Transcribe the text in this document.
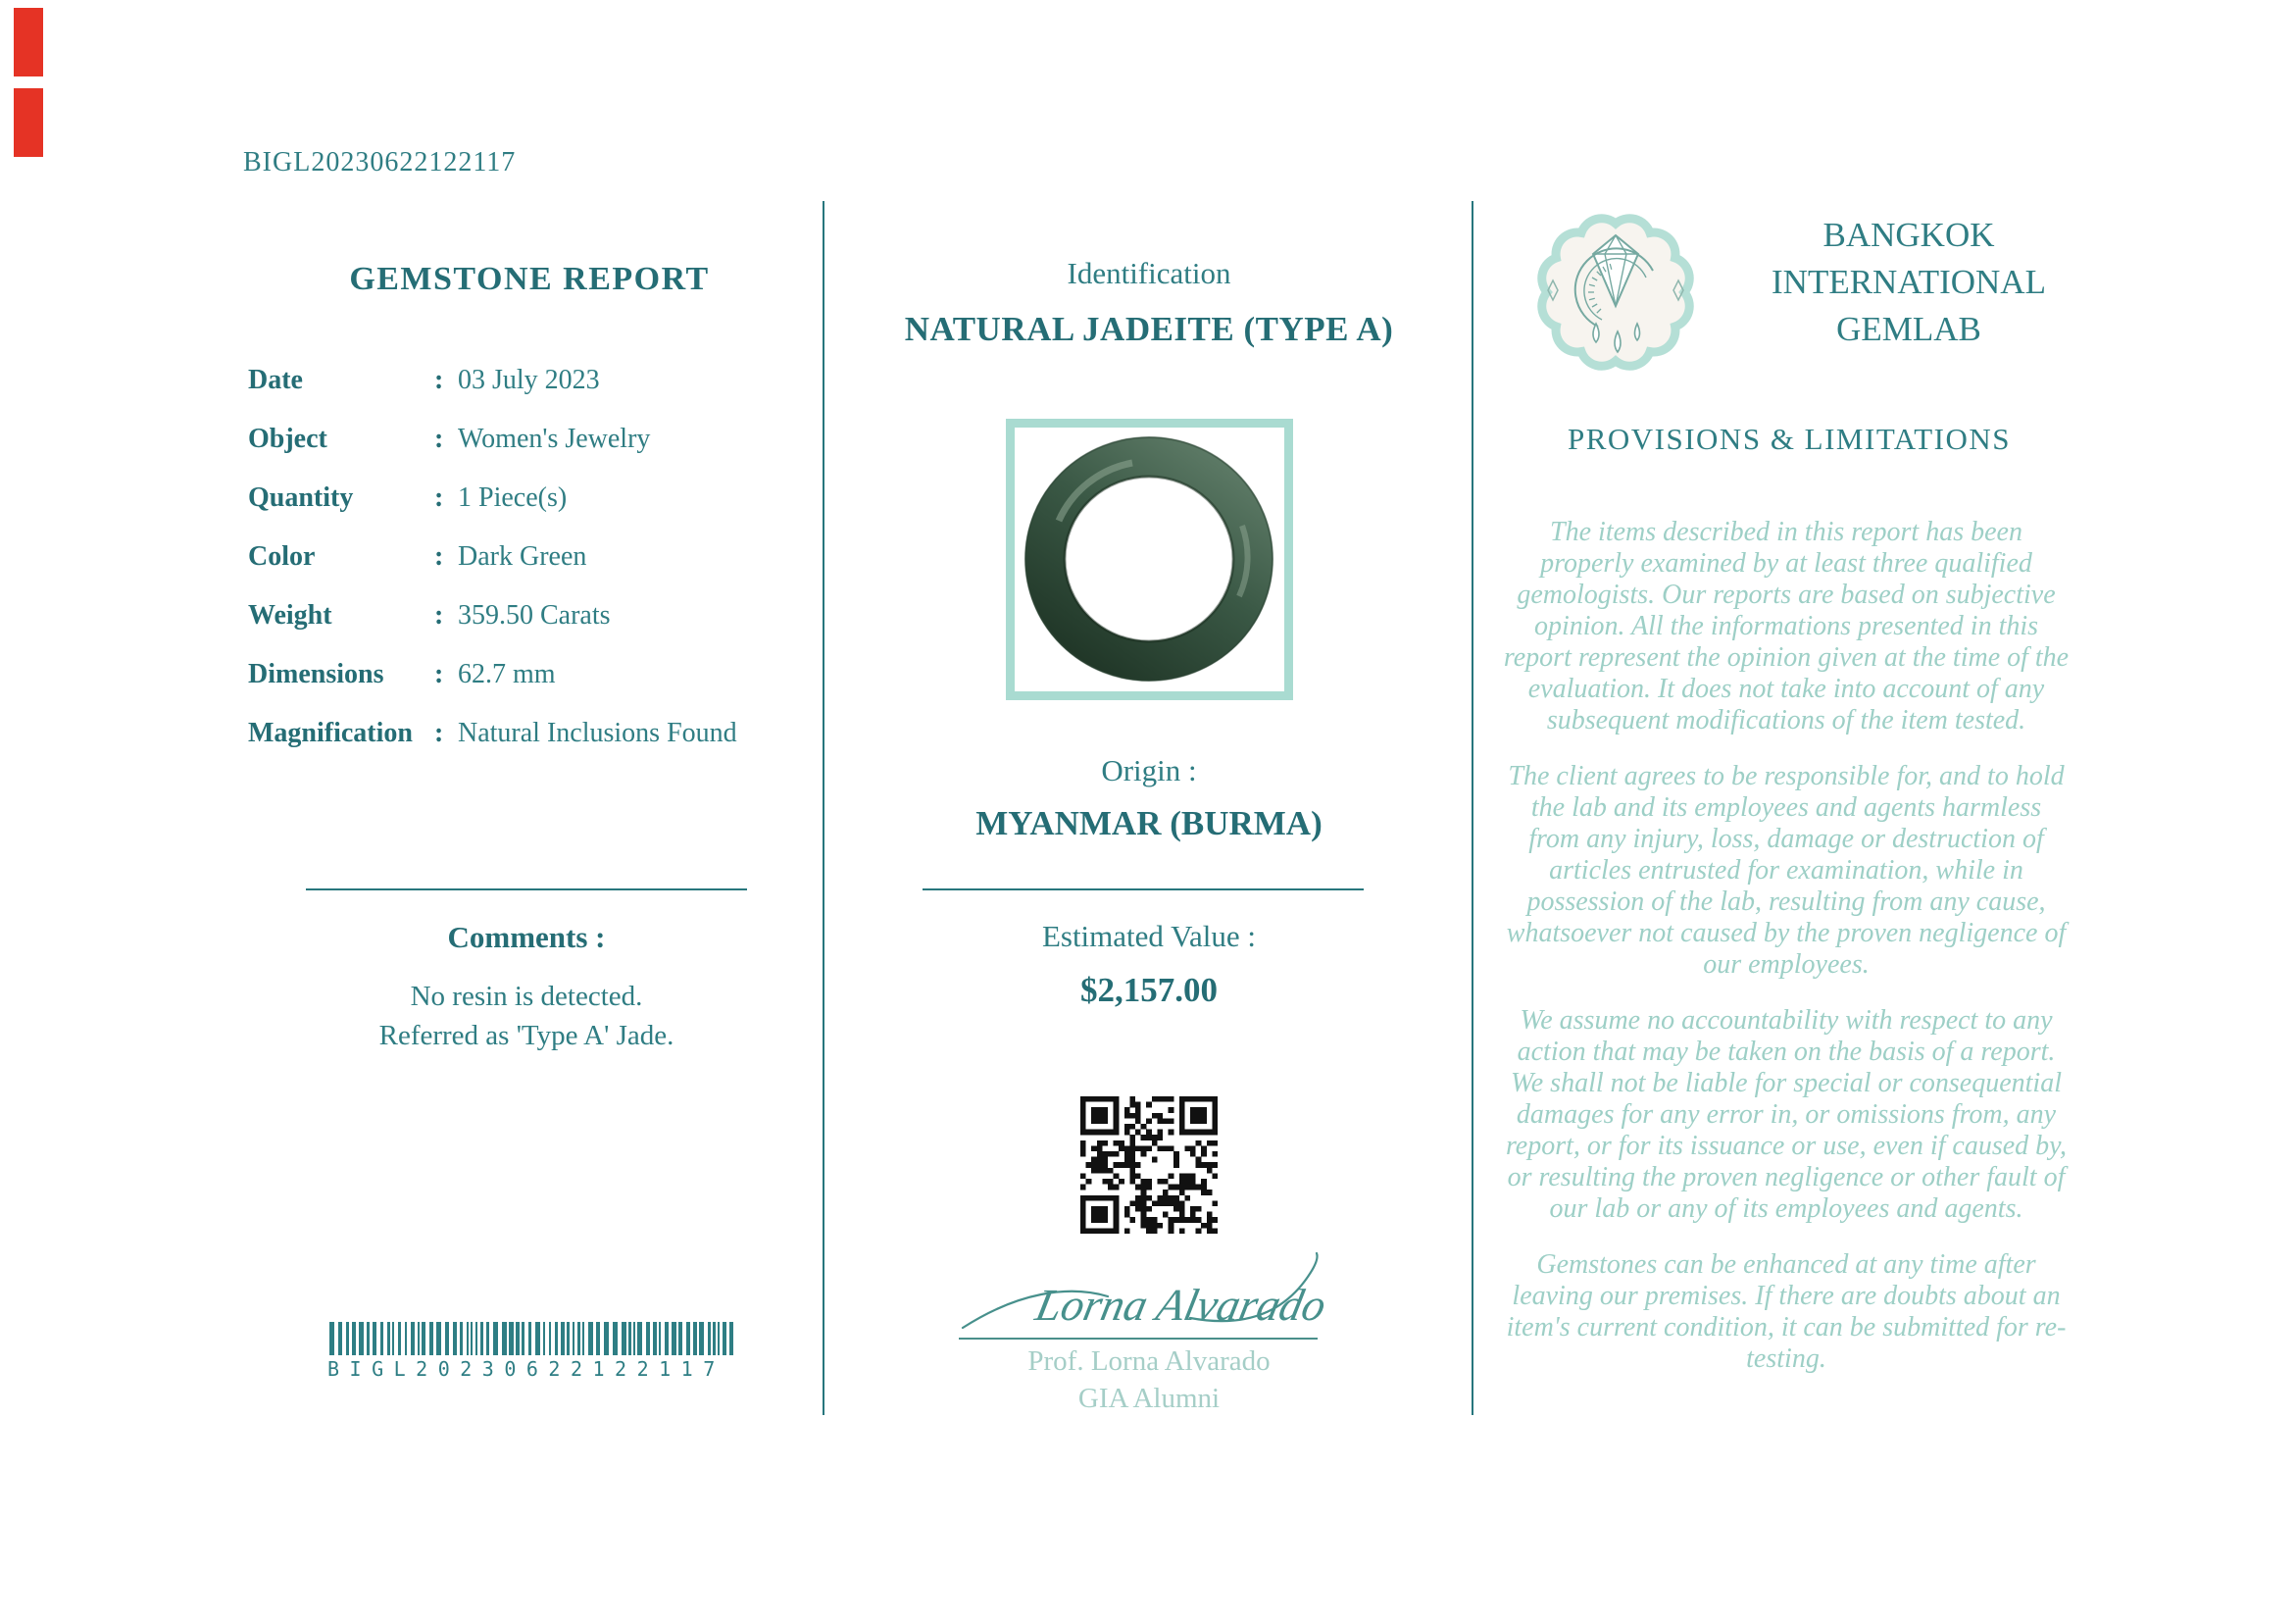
BIGL20230622122117
GEMSTONE REPORT
Date	: 03 July 2023
Object	: Women's Jewelry
Quantity	: 1 Piece(s)
Color	: Dark Green
Weight	: 359.50 Carats
Dimensions	: 62.7 mm
Magnification : Natural Inclusions Found
Comments :
No resin is detected.
Referred as 'Type A' Jade.
BIGL20230622122117
Identification
NATURAL JADEITE (TYPE A)
Origin :
MYANMAR (BURMA)
Estimated Value :
$2,157.00
Lorna Alvarado
Prof. Lorna Alvarado
GIA Alumni
BANGKOK
INTERNATIONAL
GEMLAB
PROVISIONS & LIMITATIONS

The items described in this report has been properly examined by at least three qualified gemologists. Our reports are based on subjective opinion. All the informations presented in this report represent the opinion given at the time of the evaluation. It does not take into account of any subsequent modifications of the item tested.

The client agrees to be responsible for, and to hold the lab and its employees and agents harmless from any injury, loss, damage or destruction of articles entrusted for examination, while in possession of the lab, resulting from any cause, whatsoever not caused by the proven negligence of our employees.

We assume no accountability with respect to any action that may be taken on the basis of a report. We shall not be liable for special or consequential damages for any error in, or omissions from, any report, or for its issuance or use, even if caused by, or resulting the proven negligence or other fault of our lab or any of its employees and agents.

Gemstones can be enhanced at any time after leaving our premises. If there are doubts about an item's current condition, it can be submitted for re-testing.
